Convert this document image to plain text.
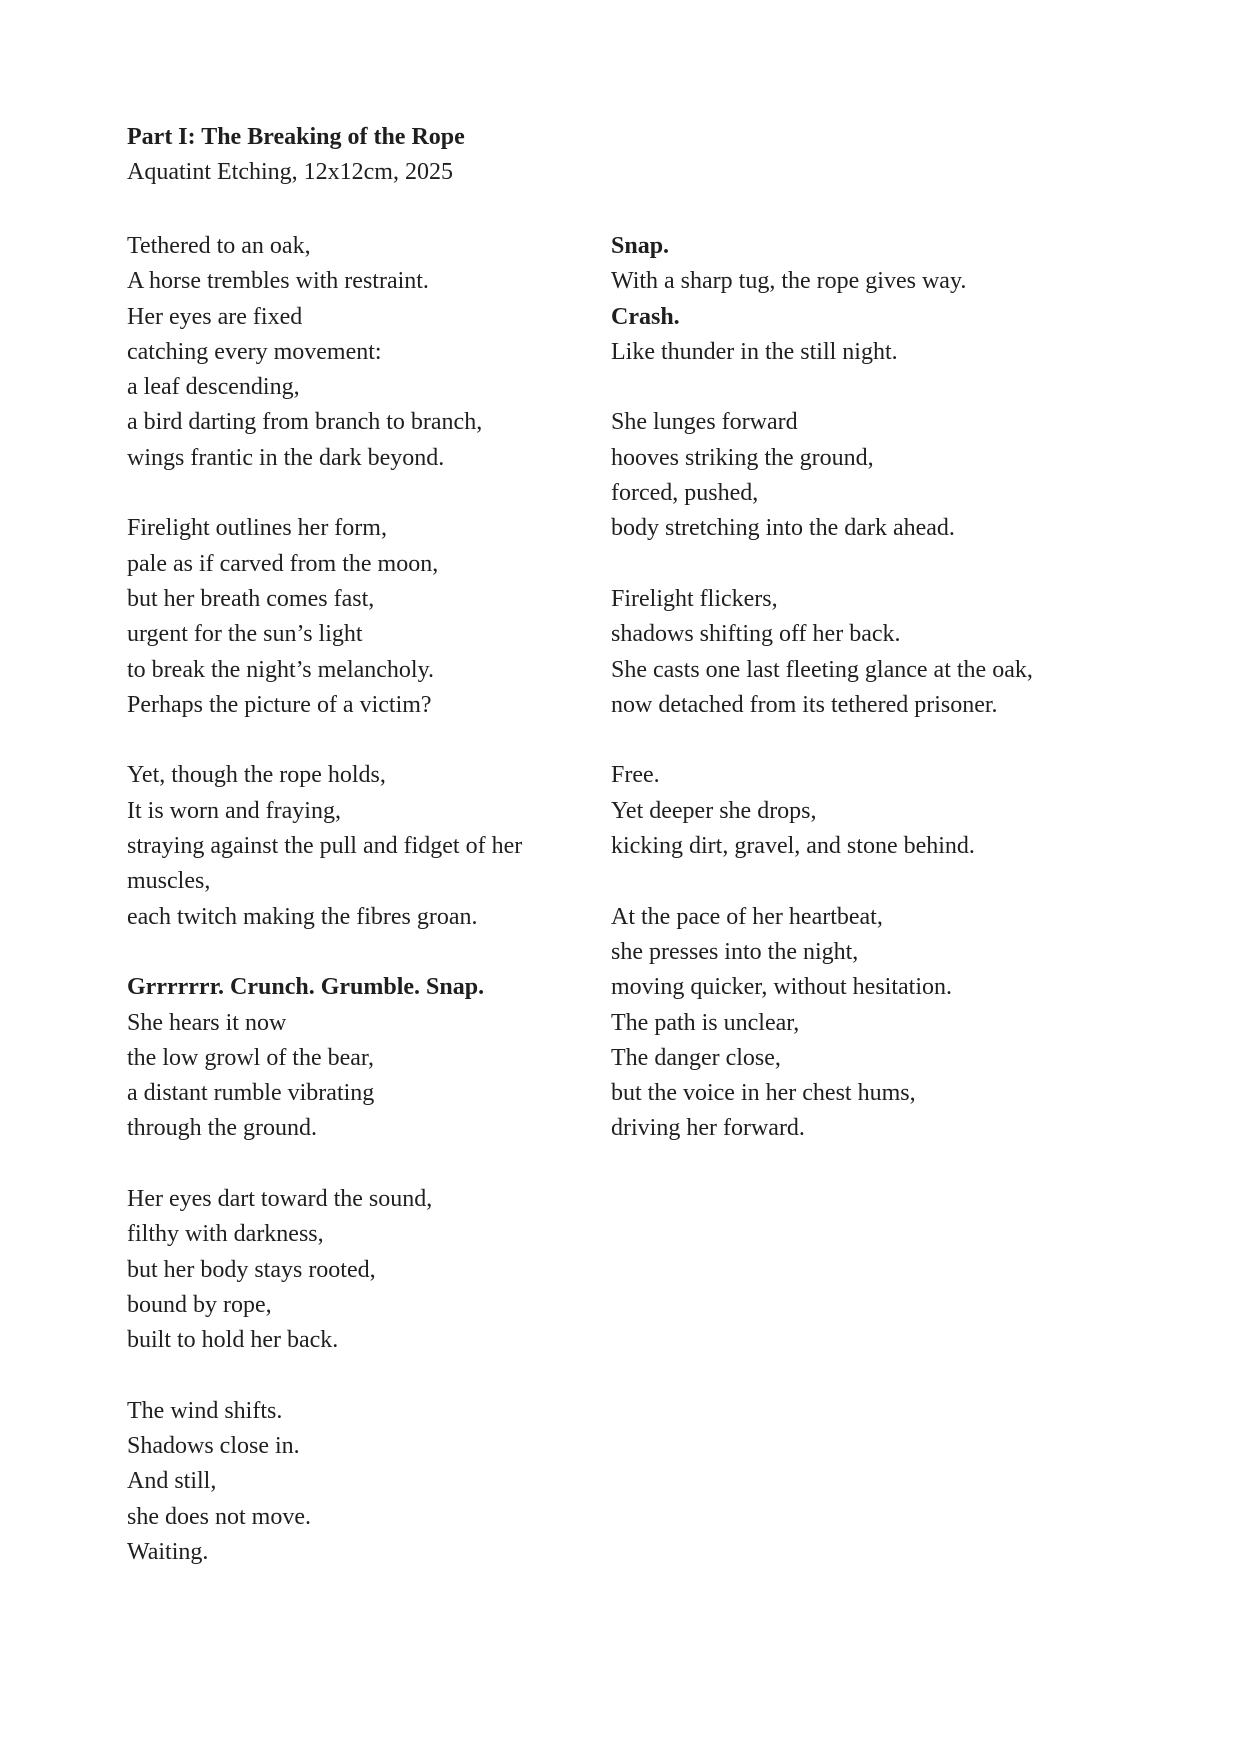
Part I: The Breaking of the Rope
Aquatint Etching, 12x12cm, 2025
Tethered to an oak,
A horse trembles with restraint.
Her eyes are fixed
catching every movement:
a leaf descending,
a bird darting from branch to branch,
wings frantic in the dark beyond.
Firelight outlines her form,
pale as if carved from the moon,
but her breath comes fast,
urgent for the sun’s light
to break the night’s melancholy.
Perhaps the picture of a victim?
Yet, though the rope holds,
It is worn and fraying,
straying against the pull and fidget of her
muscles,
each twitch making the fibres groan.
Grrrrrrr. Crunch. Grumble. Snap.
She hears it now
the low growl of the bear,
a distant rumble vibrating
through the ground.
Her eyes dart toward the sound,
filthy with darkness,
but her body stays rooted,
bound by rope,
built to hold her back.
The wind shifts.
Shadows close in.
And still,
she does not move.
Waiting.
Snap.
With a sharp tug, the rope gives way.
Crash.
Like thunder in the still night.
She lunges forward
hooves striking the ground,
forced, pushed,
body stretching into the dark ahead.
Firelight flickers,
shadows shifting off her back.
She casts one last fleeting glance at the oak,
now detached from its tethered prisoner.
Free.
Yet deeper she drops,
kicking dirt, gravel, and stone behind.
At the pace of her heartbeat,
she presses into the night,
moving quicker, without hesitation.
The path is unclear,
The danger close,
but the voice in her chest hums,
driving her forward.
